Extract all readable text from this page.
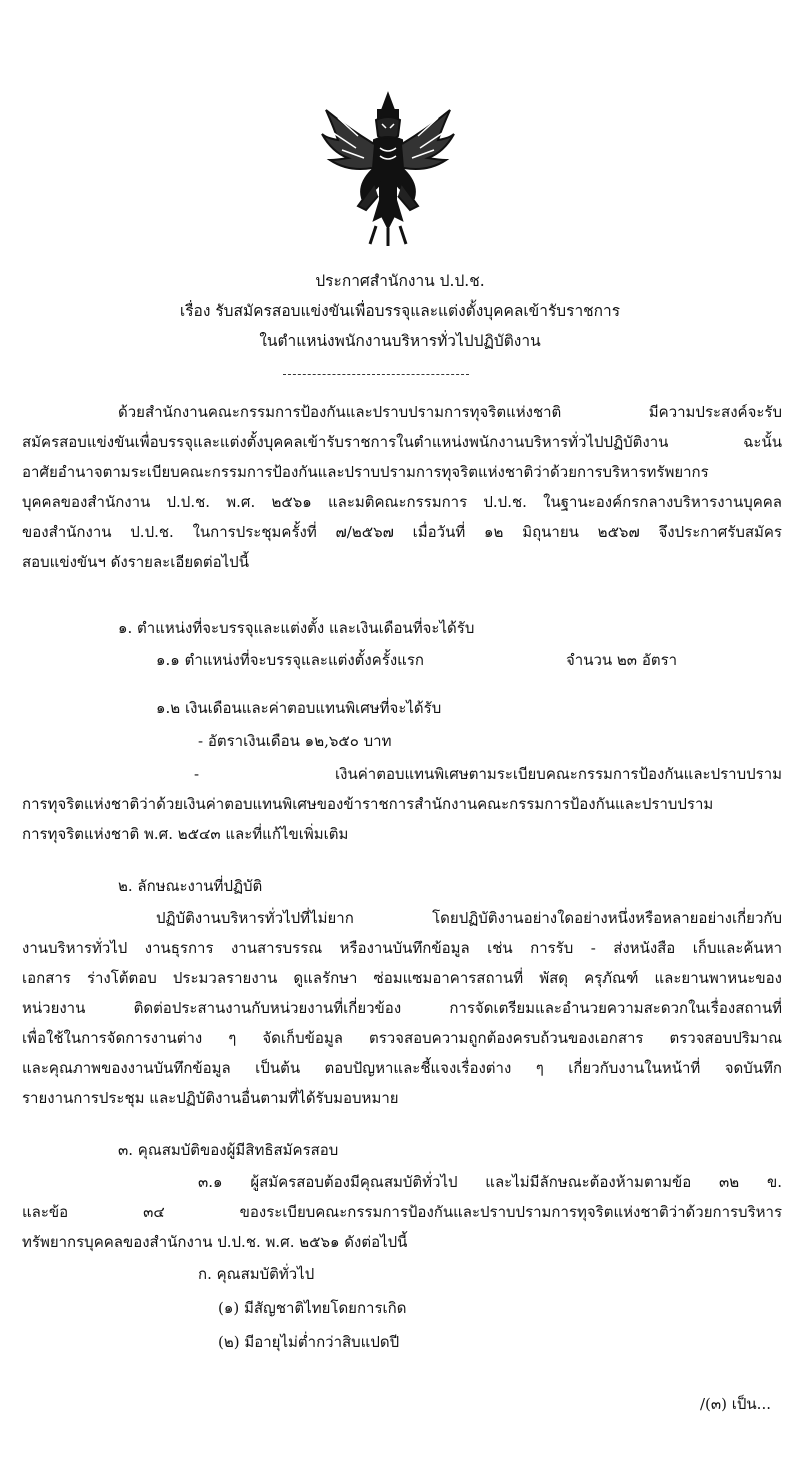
ประกาศสำนักงาน ป.ป.ช.
เรื่อง รับสมัครสอบแข่งขันเพื่อบรรจุและแต่งตั้งบุคคลเข้ารับราชการ
ในตำแหน่งพนักงานบริหารทั่วไปปฏิบัติงาน
ด้วยสำนักงานคณะกรรมการป้องกันและปราบปรามการทุจริตแห่งชาติ มีความประสงค์จะรับ
สมัครสอบแข่งขันเพื่อบรรจุและแต่งตั้งบุคคลเข้ารับราชการในตำแหน่งพนักงานบริหารทั่วไปปฏิบัติงาน ฉะนั้น
อาศัยอำนาจตามระเบียบคณะกรรมการป้องกันและปราบปรามการทุจริตแห่งชาติว่าด้วยการบริหารทรัพยากร
บุคคลของสำนักงาน ป.ป.ช. พ.ศ. ๒๕๖๑ และมติคณะกรรมการ ป.ป.ช. ในฐานะองค์กรกลางบริหารงานบุคคล
ของสำนักงาน ป.ป.ช. ในการประชุมครั้งที่ ๗/๒๕๖๗ เมื่อวันที่ ๑๒ มิถุนายน ๒๕๖๗ จึงประกาศรับสมัคร
สอบแข่งขันฯ ดังรายละเอียดต่อไปนี้
๑. ตำแหน่งที่จะบรรจุและแต่งตั้ง และเงินเดือนที่จะได้รับ
๑.๑ ตำแหน่งที่จะบรรจุและแต่งตั้งครั้งแรก	จำนวน ๒๓ อัตรา
๑.๒ เงินเดือนและค่าตอบแทนพิเศษที่จะได้รับ
- อัตราเงินเดือน ๑๒,๖๕๐ บาท
- เงินค่าตอบแทนพิเศษตามระเบียบคณะกรรมการป้องกันและปราบปราม
การทุจริตแห่งชาติว่าด้วยเงินค่าตอบแทนพิเศษของข้าราชการสำนักงานคณะกรรมการป้องกันและปราบปราม
การทุจริตแห่งชาติ พ.ศ. ๒๕๔๓ และที่แก้ไขเพิ่มเติม
๒. ลักษณะงานที่ปฏิบัติ
ปฏิบัติงานบริหารทั่วไปที่ไม่ยาก โดยปฏิบัติงานอย่างใดอย่างหนึ่งหรือหลายอย่างเกี่ยวกับ
งานบริหารทั่วไป งานธุรการ งานสารบรรณ หรืองานบันทึกข้อมูล เช่น การรับ - ส่งหนังสือ เก็บและค้นหา
เอกสาร ร่างโต้ตอบ ประมวลรายงาน ดูแลรักษา ซ่อมแซมอาคารสถานที่ พัสดุ ครุภัณฑ์ และยานพาหนะของ
หน่วยงาน ติดต่อประสานงานกับหน่วยงานที่เกี่ยวข้อง การจัดเตรียมและอำนวยความสะดวกในเรื่องสถานที่
เพื่อใช้ในการจัดการงานต่าง ๆ จัดเก็บข้อมูล ตรวจสอบความถูกต้องครบถ้วนของเอกสาร ตรวจสอบปริมาณ
และคุณภาพของงานบันทึกข้อมูล เป็นต้น ตอบปัญหาและชี้แจงเรื่องต่าง ๆ เกี่ยวกับงานในหน้าที่ จดบันทึก
รายงานการประชุม และปฏิบัติงานอื่นตามที่ได้รับมอบหมาย
๓. คุณสมบัติของผู้มีสิทธิสมัครสอบ
๓.๑ ผู้สมัครสอบต้องมีคุณสมบัติทั่วไป และไม่มีลักษณะต้องห้ามตามข้อ ๓๒ ข.
และข้อ ๓๔ ของระเบียบคณะกรรมการป้องกันและปราบปรามการทุจริตแห่งชาติว่าด้วยการบริหาร
ทรัพยากรบุคคลของสำนักงาน ป.ป.ช. พ.ศ. ๒๕๖๑ ดังต่อไปนี้
ก. คุณสมบัติทั่วไป
(๑) มีสัญชาติไทยโดยการเกิด
(๒) มีอายุไม่ต่ำกว่าสิบแปดปี
/(๓) เป็น...
